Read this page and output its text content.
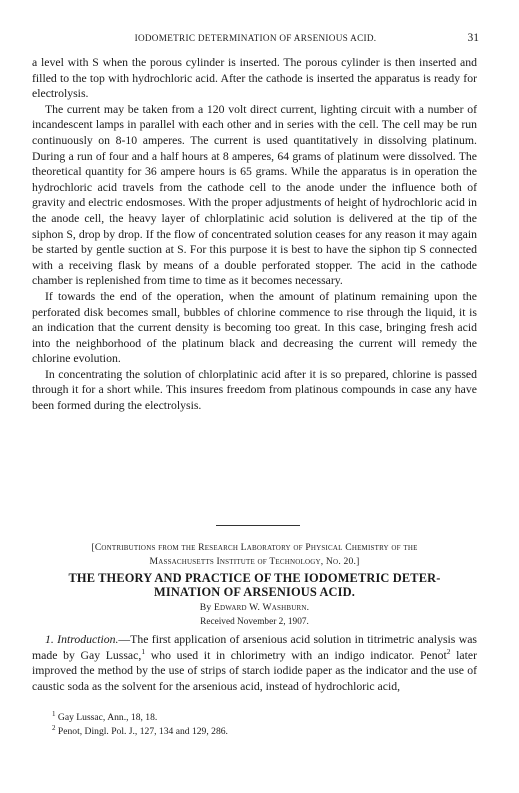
IODOMETRIC DETERMINATION OF ARSENIOUS ACID.	31

a level with S when the porous cylinder is inserted. The porous cylinder is then inserted and filled to the top with hydrochloric acid. After the cathode is inserted the apparatus is ready for electrolysis.

The current may be taken from a 120 volt direct current, lighting circuit with a number of incandescent lamps in parallel with each other and in series with the cell. The cell may be run continuously on 8-10 amperes. The current is used quantitatively in dissolving platinum. During a run of four and a half hours at 8 amperes, 64 grams of platinum were dissolved. The theoretical quantity for 36 ampere hours is 65 grams. While the apparatus is in operation the hydrochloric acid travels from the cathode cell to the anode under the influence both of gravity and electric endosmoses. With the proper adjustments of height of hydrochloric acid in the anode cell, the heavy layer of chlorplatinic acid solution is delivered at the tip of the siphon S, drop by drop. If the flow of concentrated solution ceases for any reason it may again be started by gentle suction at S. For this purpose it is best to have the siphon tip S connected with a receiving flask by means of a double perforated stopper. The acid in the cathode chamber is replenished from time to time as it becomes necessary.

If towards the end of the operation, when the amount of platinum remaining upon the perforated disk becomes small, bubbles of chlorine commence to rise through the liquid, it is an indication that the current density is becoming too great. In this case, bringing fresh acid into the neighborhood of the platinum black and decreasing the current will remedy the chlorine evolution.

In concentrating the solution of chlorplatinic acid after it is so prepared, chlorine is passed through it for a short while. This insures freedom from platinous compounds in case any have been formed during the electrolysis.

[Contributions from the Research Laboratory of Physical Chemistry of the
Massachusetts Institute of Technology, No. 20.]
THE THEORY AND PRACTICE OF THE IODOMETRIC DETER-
MINATION OF ARSENIOUS ACID.
By Edward W. Washburn.
Received November 2, 1907.

1. Introduction.—The first application of arsenious acid solution in titrimetric analysis was made by Gay Lussac,$^1$ who used it in chlorimetry with an indigo indicator. Penot$^2$ later improved the method by the use of strips of starch iodide paper as the indicator and the use of caustic soda as the solvent for the arsenious acid, instead of hydrochloric acid,

$^1$ Gay Lussac, Ann., 18, 18.
$^2$ Penot, Dingl. Pol. J., 127, 134 and 129, 286.
